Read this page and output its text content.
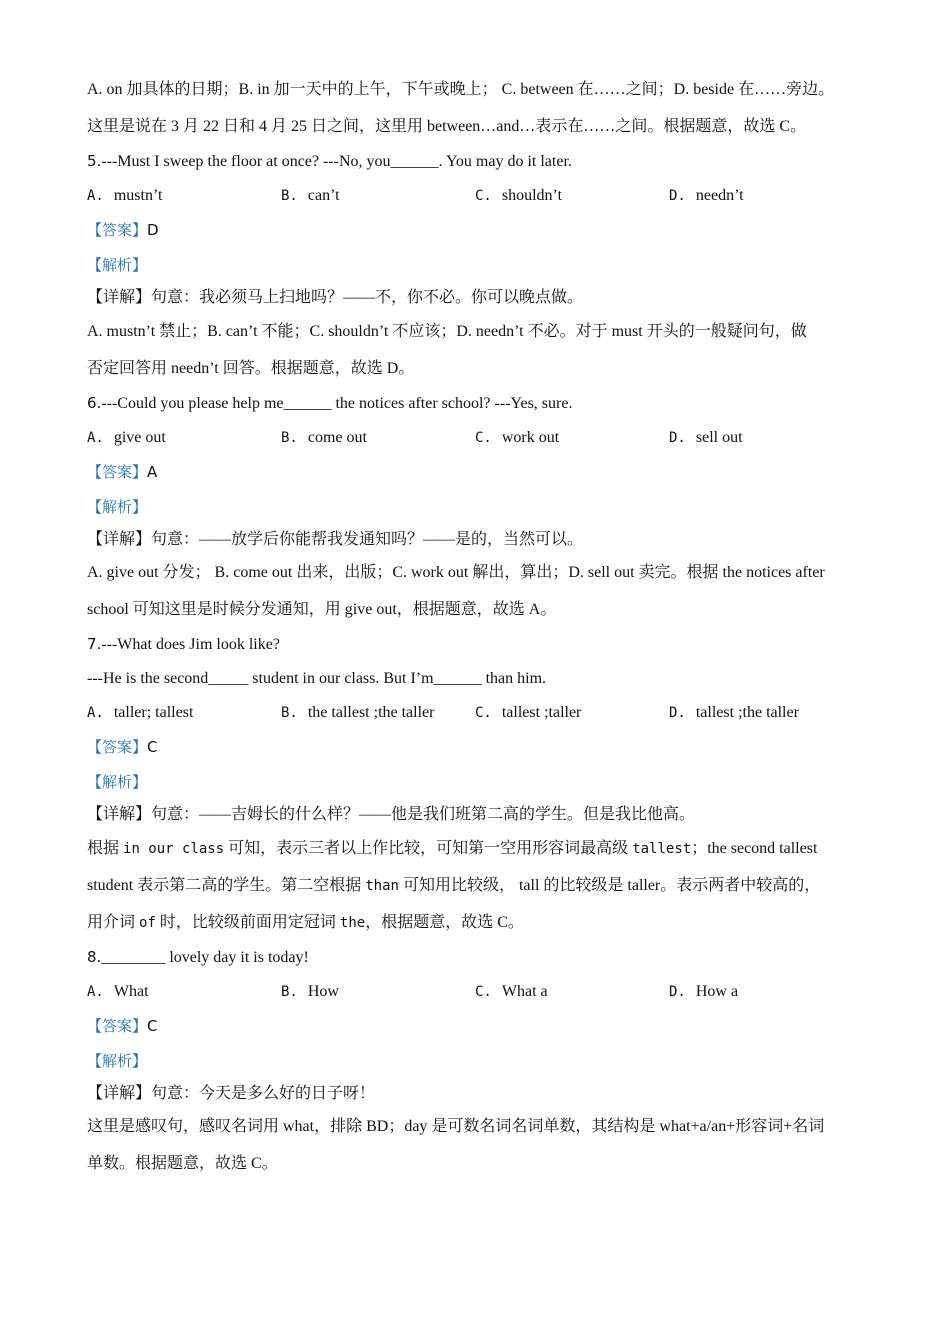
A. on 加具体的日期；B. in 加一天中的上午，下午或晚上； C. between 在……之间；D. beside 在……旁边。
这里是说在 3 月 22 日和 4 月 25 日之间，这里用 between…and…表示在……之间。根据题意，故选 C。
5.---Must I sweep the floor at once? ---No, you______. You may do it later.
A. mustn’t	B. can’t	C. shouldn’t	D. needn’t
【答案】D
【解析】
【详解】句意：我必须马上扫地吗？——不，你不必。你可以晚点做。
A. mustn’t 禁止；B. can’t 不能；C. shouldn’t 不应该；D. needn’t 不必。对于 must 开头的一般疑问句，做
否定回答用 needn’t 回答。根据题意，故选 D。
6.---Could you please help me______ the notices after school? ---Yes, sure.
A. give out	B. come out	C. work out	D. sell out
【答案】A
【解析】
【详解】句意：——放学后你能帮我发通知吗？——是的，当然可以。
A. give out 分发； B. come out 出来，出版；C. work out 解出，算出；D. sell out 卖完。根据 the notices after
school 可知这里是时候分发通知，用 give out，根据题意，故选 A。
7.---What does Jim look like?
---He is the second_____ student in our class. But I’m______ than him.
A. taller; tallest	B. the tallest ;the taller	C. tallest ;taller	D. tallest ;the taller
【答案】C
【解析】
【详解】句意：——吉姆长的什么样？——他是我们班第二高的学生。但是我比他高。
根据 in our class 可知，表示三者以上作比较，可知第一空用形容词最高级 tallest；the second tallest
student 表示第二高的学生。第二空根据 than 可知用比较级， tall 的比较级是 taller。表示两者中较高的，
用介词 of 时，比较级前面用定冠词 the，根据题意，故选 C。
8.________ lovely day it is today!
A. What	B. How	C. What a	D. How a
【答案】C
【解析】
【详解】句意：今天是多么好的日子呀！
这里是感叹句，感叹名词用 what，排除 BD；day 是可数名词名词单数，其结构是 what+a/an+形容词+名词
单数。根据题意，故选 C。
